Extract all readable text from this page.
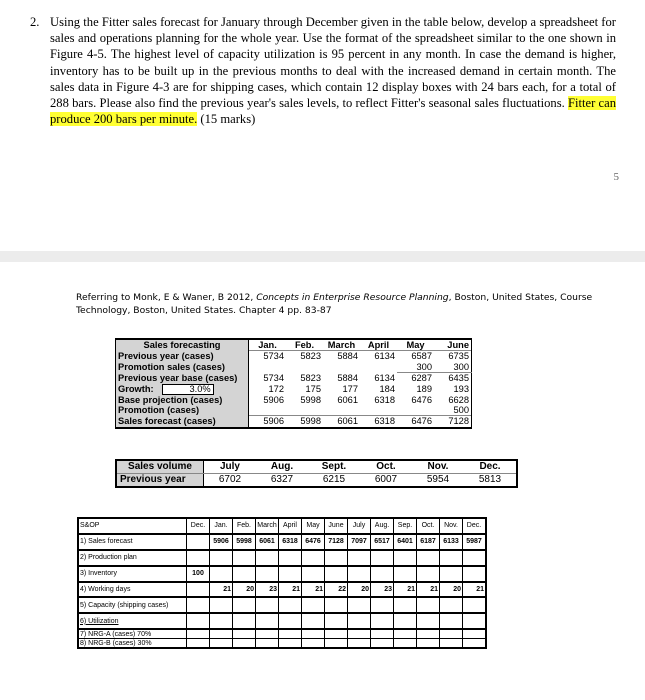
2. Using the Fitter sales forecast for January through December given in the table below, develop a spreadsheet for sales and operations planning for the whole year. Use the format of the spreadsheet similar to the one shown in Figure 4-5. The highest level of capacity utilization is 95 percent in any month. In case the demand is higher, inventory has to be built up in the previous months to deal with the increased demand in certain month. The sales data in Figure 4-3 are for shipping cases, which contain 12 display boxes with 24 bars each, for a total of 288 bars. Please also find the previous year's sales levels, to reflect Fitter's seasonal sales fluctuations. Fitter can produce 200 bars per minute. (15 marks)
5
Referring to Monk, E & Waner, B 2012, Concepts in Enterprise Resource Planning, Boston, United States, Course Technology, Boston, United States. Chapter 4 pp. 83-87
Sales forecasting	Jan.	Feb.	March	April	May	June
Previous year (cases)	5734	5823	5884	6134	6587	6735
Promotion sales (cases)					300	300
Previous year base (cases)	5734	5823	5884	6134	6287	6435
Growth: 3.0%	172	175	177	184	189	193
Base projection (cases)	5906	5998	6061	6318	6476	6628
Promotion (cases)						500
Sales forecast (cases)	5906	5998	6061	6318	6476	7128
Sales volume	July	Aug.	Sept.	Oct.	Nov.	Dec.
Previous year	6702	6327	6215	6007	5954	5813
S&OP	Dec.	Jan.	Feb.	March	April	May	June	July	Aug.	Sep.	Oct.	Nov.	Dec.
1) Sales forecast		5906	5998	6061	6318	6476	7128	7097	6517	6401	6187	6133	5987
2) Production plan													
3) Inventory	100												
4) Working days		21	20	23	21	21	22	20	23	21	21	20	21
5) Capacity (shipping cases)													
6) Utilization													
7) NRG-A (cases) 70%													
8) NRG-B (cases) 30%													
